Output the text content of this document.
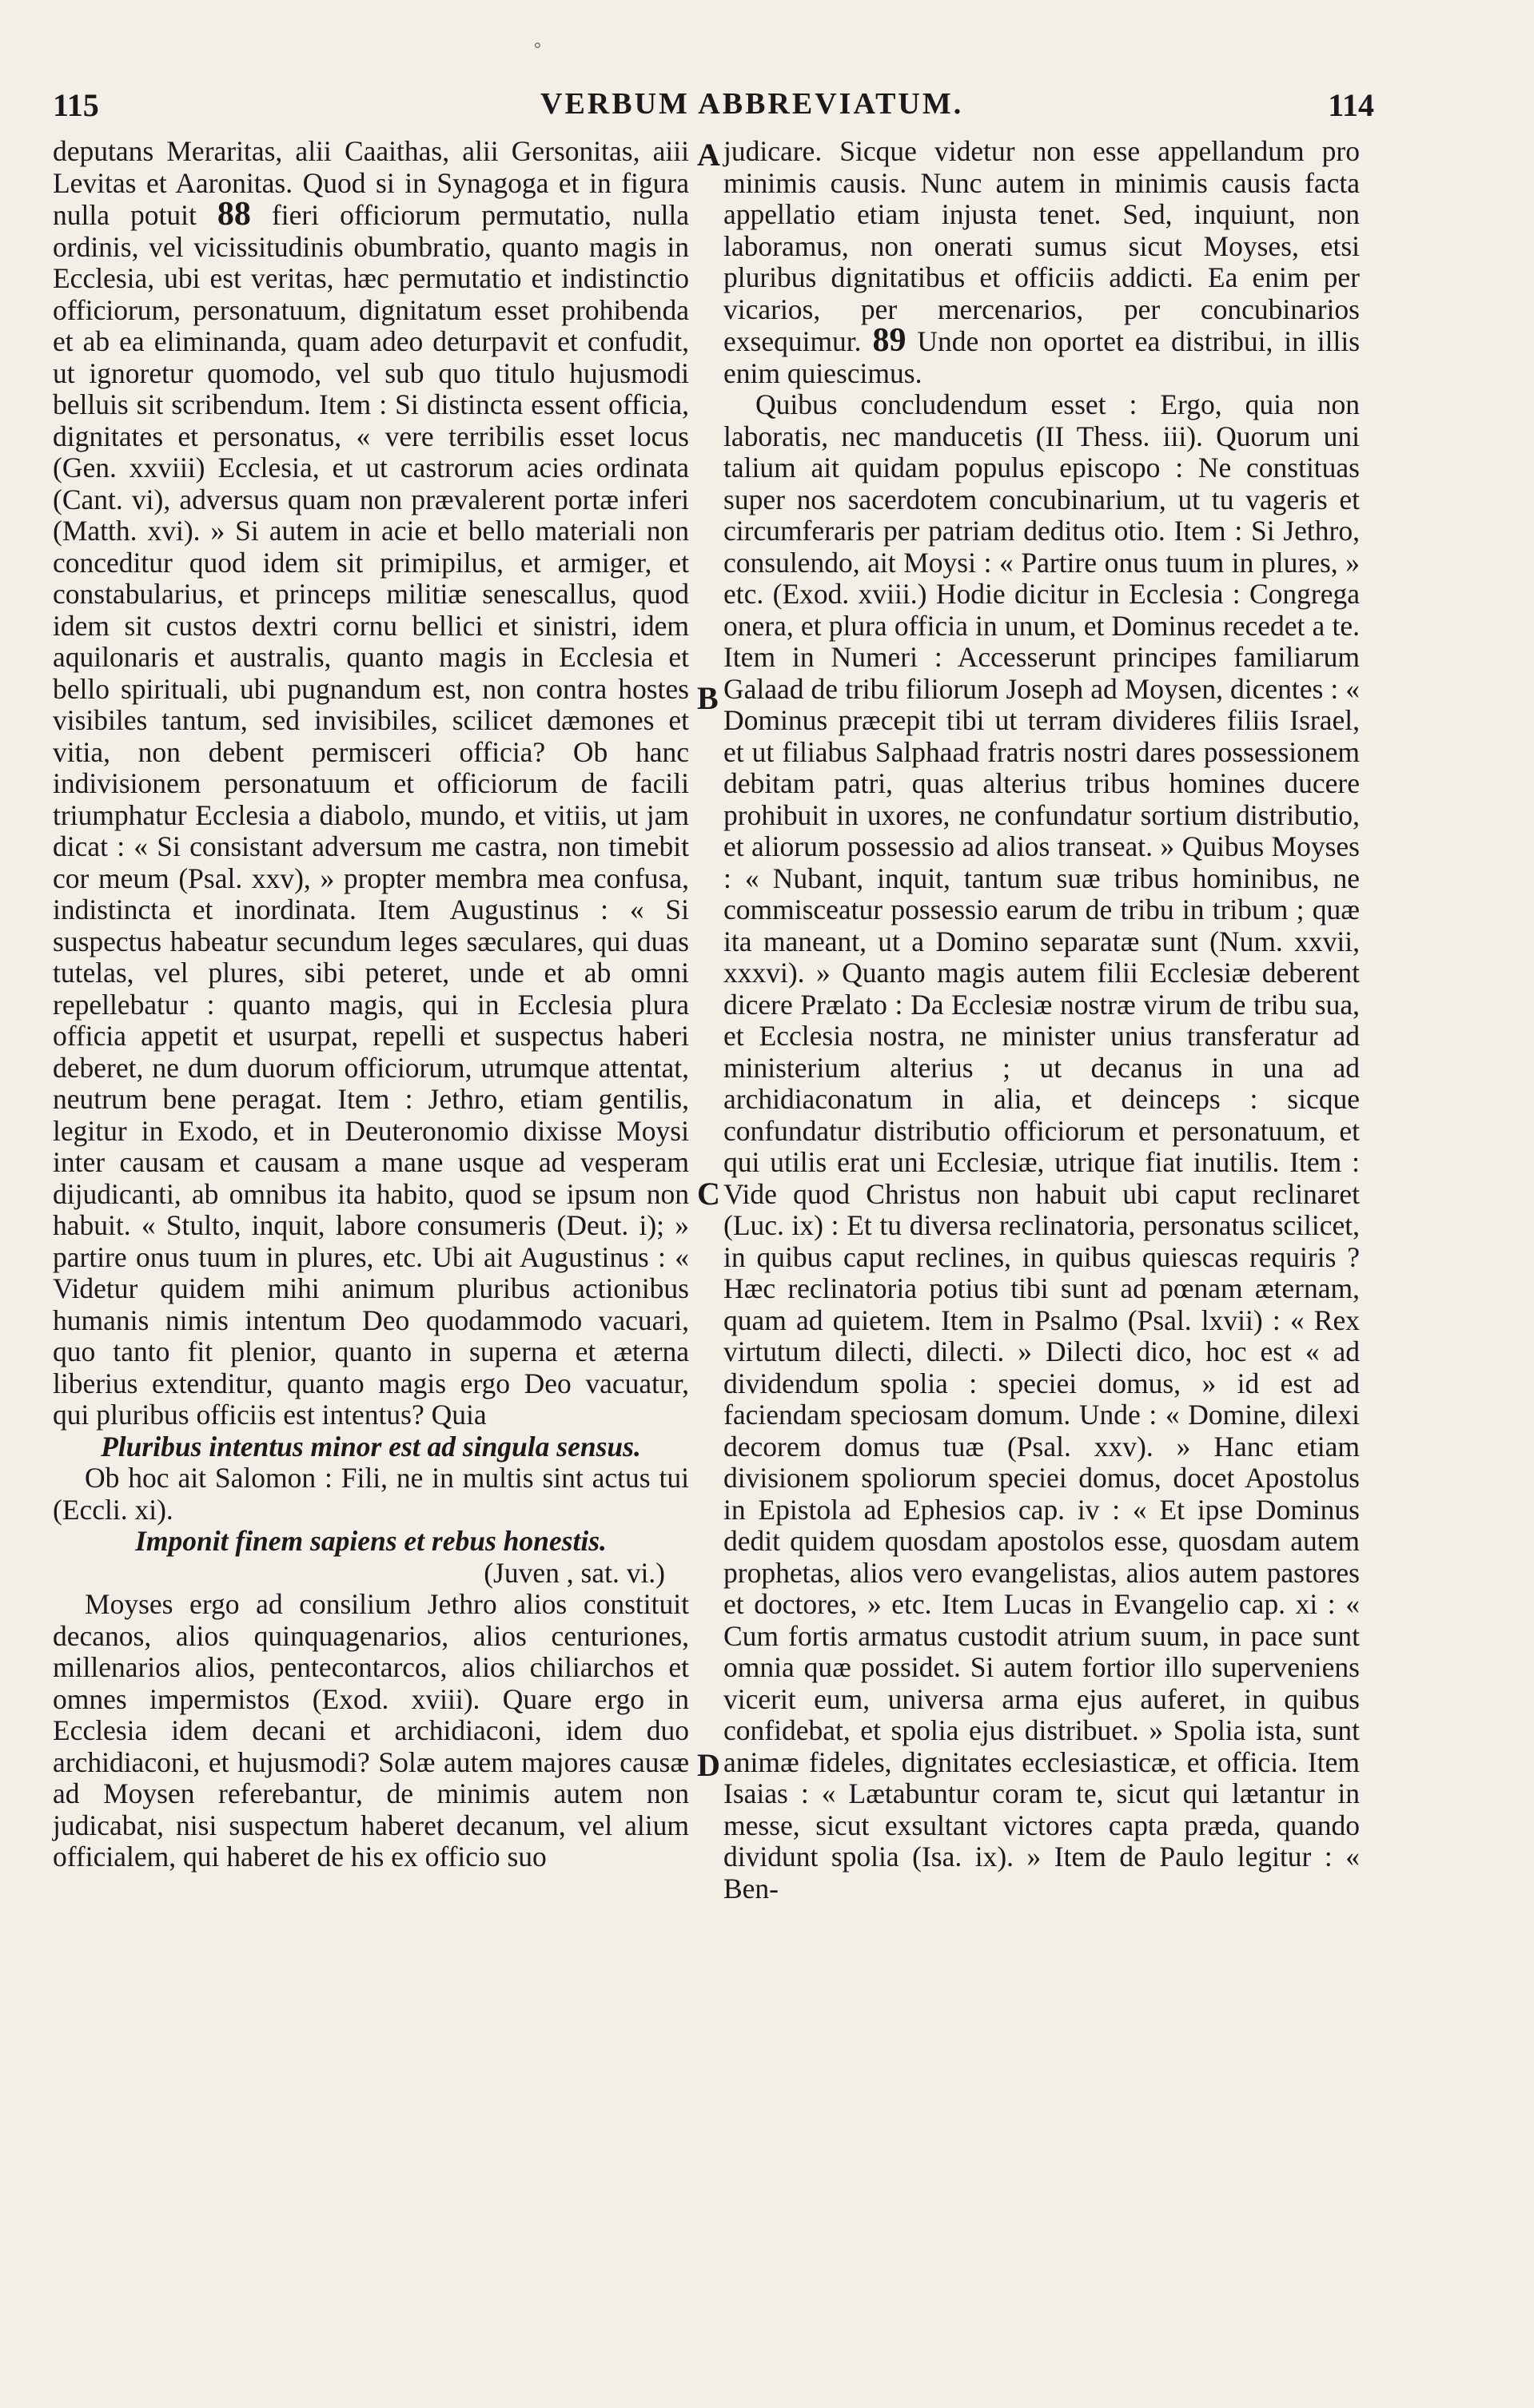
°
115	VERBUM ABBREVIATUM.	114
A
B
C
D

deputans Meraritas, alii Caaithas, alii Gersonitas, aiii Levitas et Aaronitas. Quod si in Synagoga et in figura nulla potuit 88 fieri officiorum permutatio, nulla ordinis, vel vicissitudinis obumbratio, quanto magis in Ecclesia, ubi est veritas, hæc permutatio et indistinctio officiorum, personatuum, dignitatum esset prohibenda et ab ea eliminanda, quam adeo deturpavit et confudit, ut ignoretur quomodo, vel sub quo titulo hujusmodi belluis sit scribendum. Item : Si distincta essent officia, dignitates et personatus, « vere terribilis esset locus (Gen. xxviii) Ecclesia, et ut castrorum acies ordinata (Cant. vi), adversus quam non prævalerent portæ inferi (Matth. xvi). » Si autem in acie et bello materiali non conceditur quod idem sit primipilus, et armiger, et constabularius, et princeps militiæ senescallus, quod idem sit custos dextri cornu bellici et sinistri, idem aquilonaris et australis, quanto magis in Ecclesia et bello spirituali, ubi pugnandum est, non contra hostes visibiles tantum, sed invisibiles, scilicet dæmones et vitia, non debent permisceri officia? Ob hanc indivisionem personatuum et officiorum de facili triumphatur Ecclesia a diabolo, mundo, et vitiis, ut jam dicat : « Si consistant adversum me castra, non timebit cor meum (Psal. xxv), » propter membra mea confusa, indistincta et inordinata. Item Augustinus : « Si suspectus habeatur secundum leges sæculares, qui duas tutelas, vel plures, sibi peteret, unde et ab omni repellebatur : quanto magis, qui in Ecclesia plura officia appetit et usurpat, repelli et suspectus haberi deberet, ne dum duorum officiorum, utrumque attentat, neutrum bene peragat. Item : Jethro, etiam gentilis, legitur in Exodo, et in Deuteronomio dixisse Moysi inter causam et causam a mane usque ad vesperam dijudicanti, ab omnibus ita habito, quod se ipsum non habuit. « Stulto, inquit, labore consumeris (Deut. i); » partire onus tuum in plures, etc. Ubi ait Augustinus : « Videtur quidem mihi animum pluribus actionibus humanis nimis intentum Deo quodammodo vacuari, quo tanto fit plenior, quanto in superna et æterna liberius extenditur, quanto magis ergo Deo vacuatur, qui pluribus officiis est intentus? Quia

Pluribus intentus minor est ad singula sensus.

Ob hoc ait Salomon : Fili, ne in multis sint actus tui (Eccli. xi).

Imponit finem sapiens et rebus honestis.

(Juven , sat. vi.)

Moyses ergo ad consilium Jethro alios constituit decanos, alios quinquagenarios, alios centuriones, millenarios alios, pentecontarcos, alios chiliarchos et omnes impermistos (Exod. xviii). Quare ergo in Ecclesia idem decani et archidiaconi, idem duo archidiaconi, et hujusmodi? Solæ autem majores causæ ad Moysen referebantur, de minimis autem non judicabat, nisi suspectum haberet decanum, vel alium officialem, qui haberet de his ex officio suo

judicare. Sicque videtur non esse appellandum pro minimis causis. Nunc autem in minimis causis facta appellatio etiam injusta tenet. Sed, inquiunt, non laboramus, non onerati sumus sicut Moyses, etsi pluribus dignitatibus et officiis addicti. Ea enim per vicarios, per mercenarios, per concubinarios exsequimur. 89 Unde non oportet ea distribui, in illis enim quiescimus.

Quibus concludendum esset : Ergo, quia non laboratis, nec manducetis (II Thess. iii). Quorum uni talium ait quidam populus episcopo : Ne constituas super nos sacerdotem concubinarium, ut tu vageris et circumferaris per patriam deditus otio. Item : Si Jethro, consulendo, ait Moysi : « Partire onus tuum in plures, » etc. (Exod. xviii.) Hodie dicitur in Ecclesia : Congrega onera, et plura officia in unum, et Dominus recedet a te. Item in Numeri : Accesserunt principes familiarum Galaad de tribu filiorum Joseph ad Moysen, dicentes : « Dominus præcepit tibi ut terram divideres filiis Israel, et ut filiabus Salphaad fratris nostri dares possessionem debitam patri, quas alterius tribus homines ducere prohibuit in uxores, ne confundatur sortium distributio, et aliorum possessio ad alios transeat. » Quibus Moyses : « Nubant, inquit, tantum suæ tribus hominibus, ne commisceatur possessio earum de tribu in tribum ; quæ ita maneant, ut a Domino separatæ sunt (Num. xxvii, xxxvi). » Quanto magis autem filii Ecclesiæ deberent dicere Prælato : Da Ecclesiæ nostræ virum de tribu sua, et Ecclesia nostra, ne minister unius transferatur ad ministerium alterius ; ut decanus in una ad archidiaconatum in alia, et deinceps : sicque confundatur distributio officiorum et personatuum, et qui utilis erat uni Ecclesiæ, utrique fiat inutilis. Item : Vide quod Christus non habuit ubi caput reclinaret (Luc. ix) : Et tu diversa reclinatoria, personatus scilicet, in quibus caput reclines, in quibus quiescas requiris ? Hæc reclinatoria potius tibi sunt ad pœnam æternam, quam ad quietem. Item in Psalmo (Psal. lxvii) : « Rex virtutum dilecti, dilecti. » Dilecti dico, hoc est « ad dividendum spolia : speciei domus, » id est ad faciendam speciosam domum. Unde : « Domine, dilexi decorem domus tuæ (Psal. xxv). » Hanc etiam divisionem spoliorum speciei domus, docet Apostolus in Epistola ad Ephesios cap. iv : « Et ipse Dominus dedit quidem quosdam apostolos esse, quosdam autem prophetas, alios vero evangelistas, alios autem pastores et doctores, » etc. Item Lucas in Evangelio cap. xi : « Cum fortis armatus custodit atrium suum, in pace sunt omnia quæ possidet. Si autem fortior illo superveniens vicerit eum, universa arma ejus auferet, in quibus confidebat, et spolia ejus distribuet. » Spolia ista, sunt animæ fideles, dignitates ecclesiasticæ, et officia. Item Isaias : « Lætabuntur coram te, sicut qui lætantur in messe, sicut exsultant victores capta præda, quando dividunt spolia (Isa. ix). » Item de Paulo legitur : « Ben-
